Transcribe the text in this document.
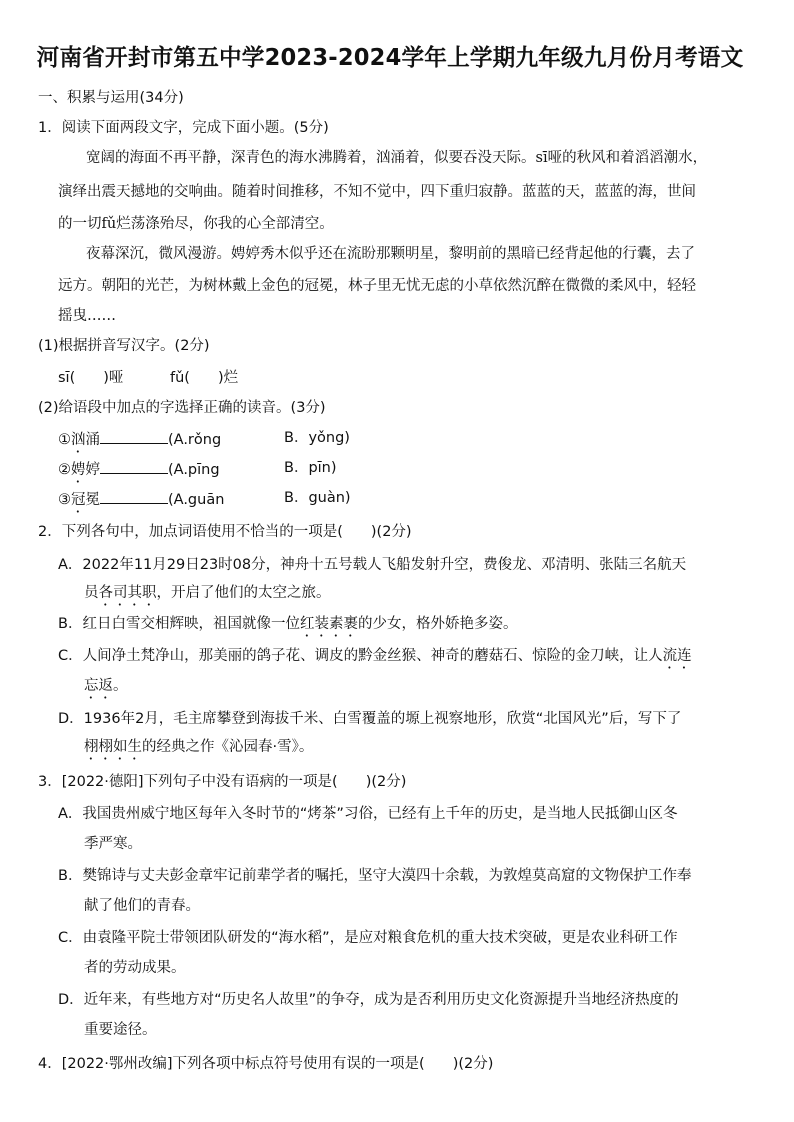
河南省开封市第五中学2023-2024学年上学期九年级九月份月考语文
一、积累与运用(34分)
1．阅读下面两段文字，完成下面小题。(5分)
宽阔的海面不再平静，深青色的海水沸腾着，汹涌着，似要吞没天际。sī哑的秋风和着滔滔潮水，
演绎出震天撼地的交响曲。随着时间推移，不知不觉中，四下重归寂静。蓝蓝的天，蓝蓝的海，世间
的一切fǔ烂荡涤殆尽，你我的心全部清空。
夜幕深沉，微风漫游。娉婷秀木似乎还在流盼那颗明星，黎明前的黑暗已经背起他的行囊，去了
远方。朝阳的光芒，为树林戴上金色的冠冕，林子里无忧无虑的小草依然沉醉在微微的柔风中，轻轻
摇曳……
(1)根据拼音写汉字。(2分)
sī( )哑	fǔ( )烂
(2)给语段中加点的字选择正确的读音。(3分)
①汹涌	(A.rǒng	B．yǒng)
②娉婷	(A.pīng	B．pīn)
③冠冕	(A.guān	B．guàn)
2．下列各句中，加点词语使用不恰当的一项是( )(2分)
A．2022年11月29日23时08分，神舟十五号载人飞船发射升空，费俊龙、邓清明、张陆三名航天
员各司其职，开启了他们的太空之旅。
B．红日白雪交相辉映，祖国就像一位红装素裹的少女，格外娇艳多姿。
C．人间净土梵净山，那美丽的鸽子花、调皮的黔金丝猴、神奇的蘑菇石、惊险的金刀峡，让人流连
忘返。
D．1936年2月，毛主席攀登到海拔千米、白雪覆盖的塬上视察地形，欣赏“北国风光”后，写下了
栩栩如生的经典之作《沁园春·雪》。
3．[2022·德阳]下列句子中没有语病的一项是( )(2分)
A．我国贵州威宁地区每年入冬时节的“烤茶”习俗，已经有上千年的历史，是当地人民抵御山区冬
季严寒。
B．樊锦诗与丈夫彭金章牢记前辈学者的嘱托，坚守大漠四十余载，为敦煌莫高窟的文物保护工作奉
献了他们的青春。
C．由袁隆平院士带领团队研发的“海水稻”，是应对粮食危机的重大技术突破，更是农业科研工作
者的劳动成果。
D．近年来，有些地方对“历史名人故里”的争夺，成为是否利用历史文化资源提升当地经济热度的
重要途径。
4．[2022·鄂州改编]下列各项中标点符号使用有误的一项是( )(2分)
